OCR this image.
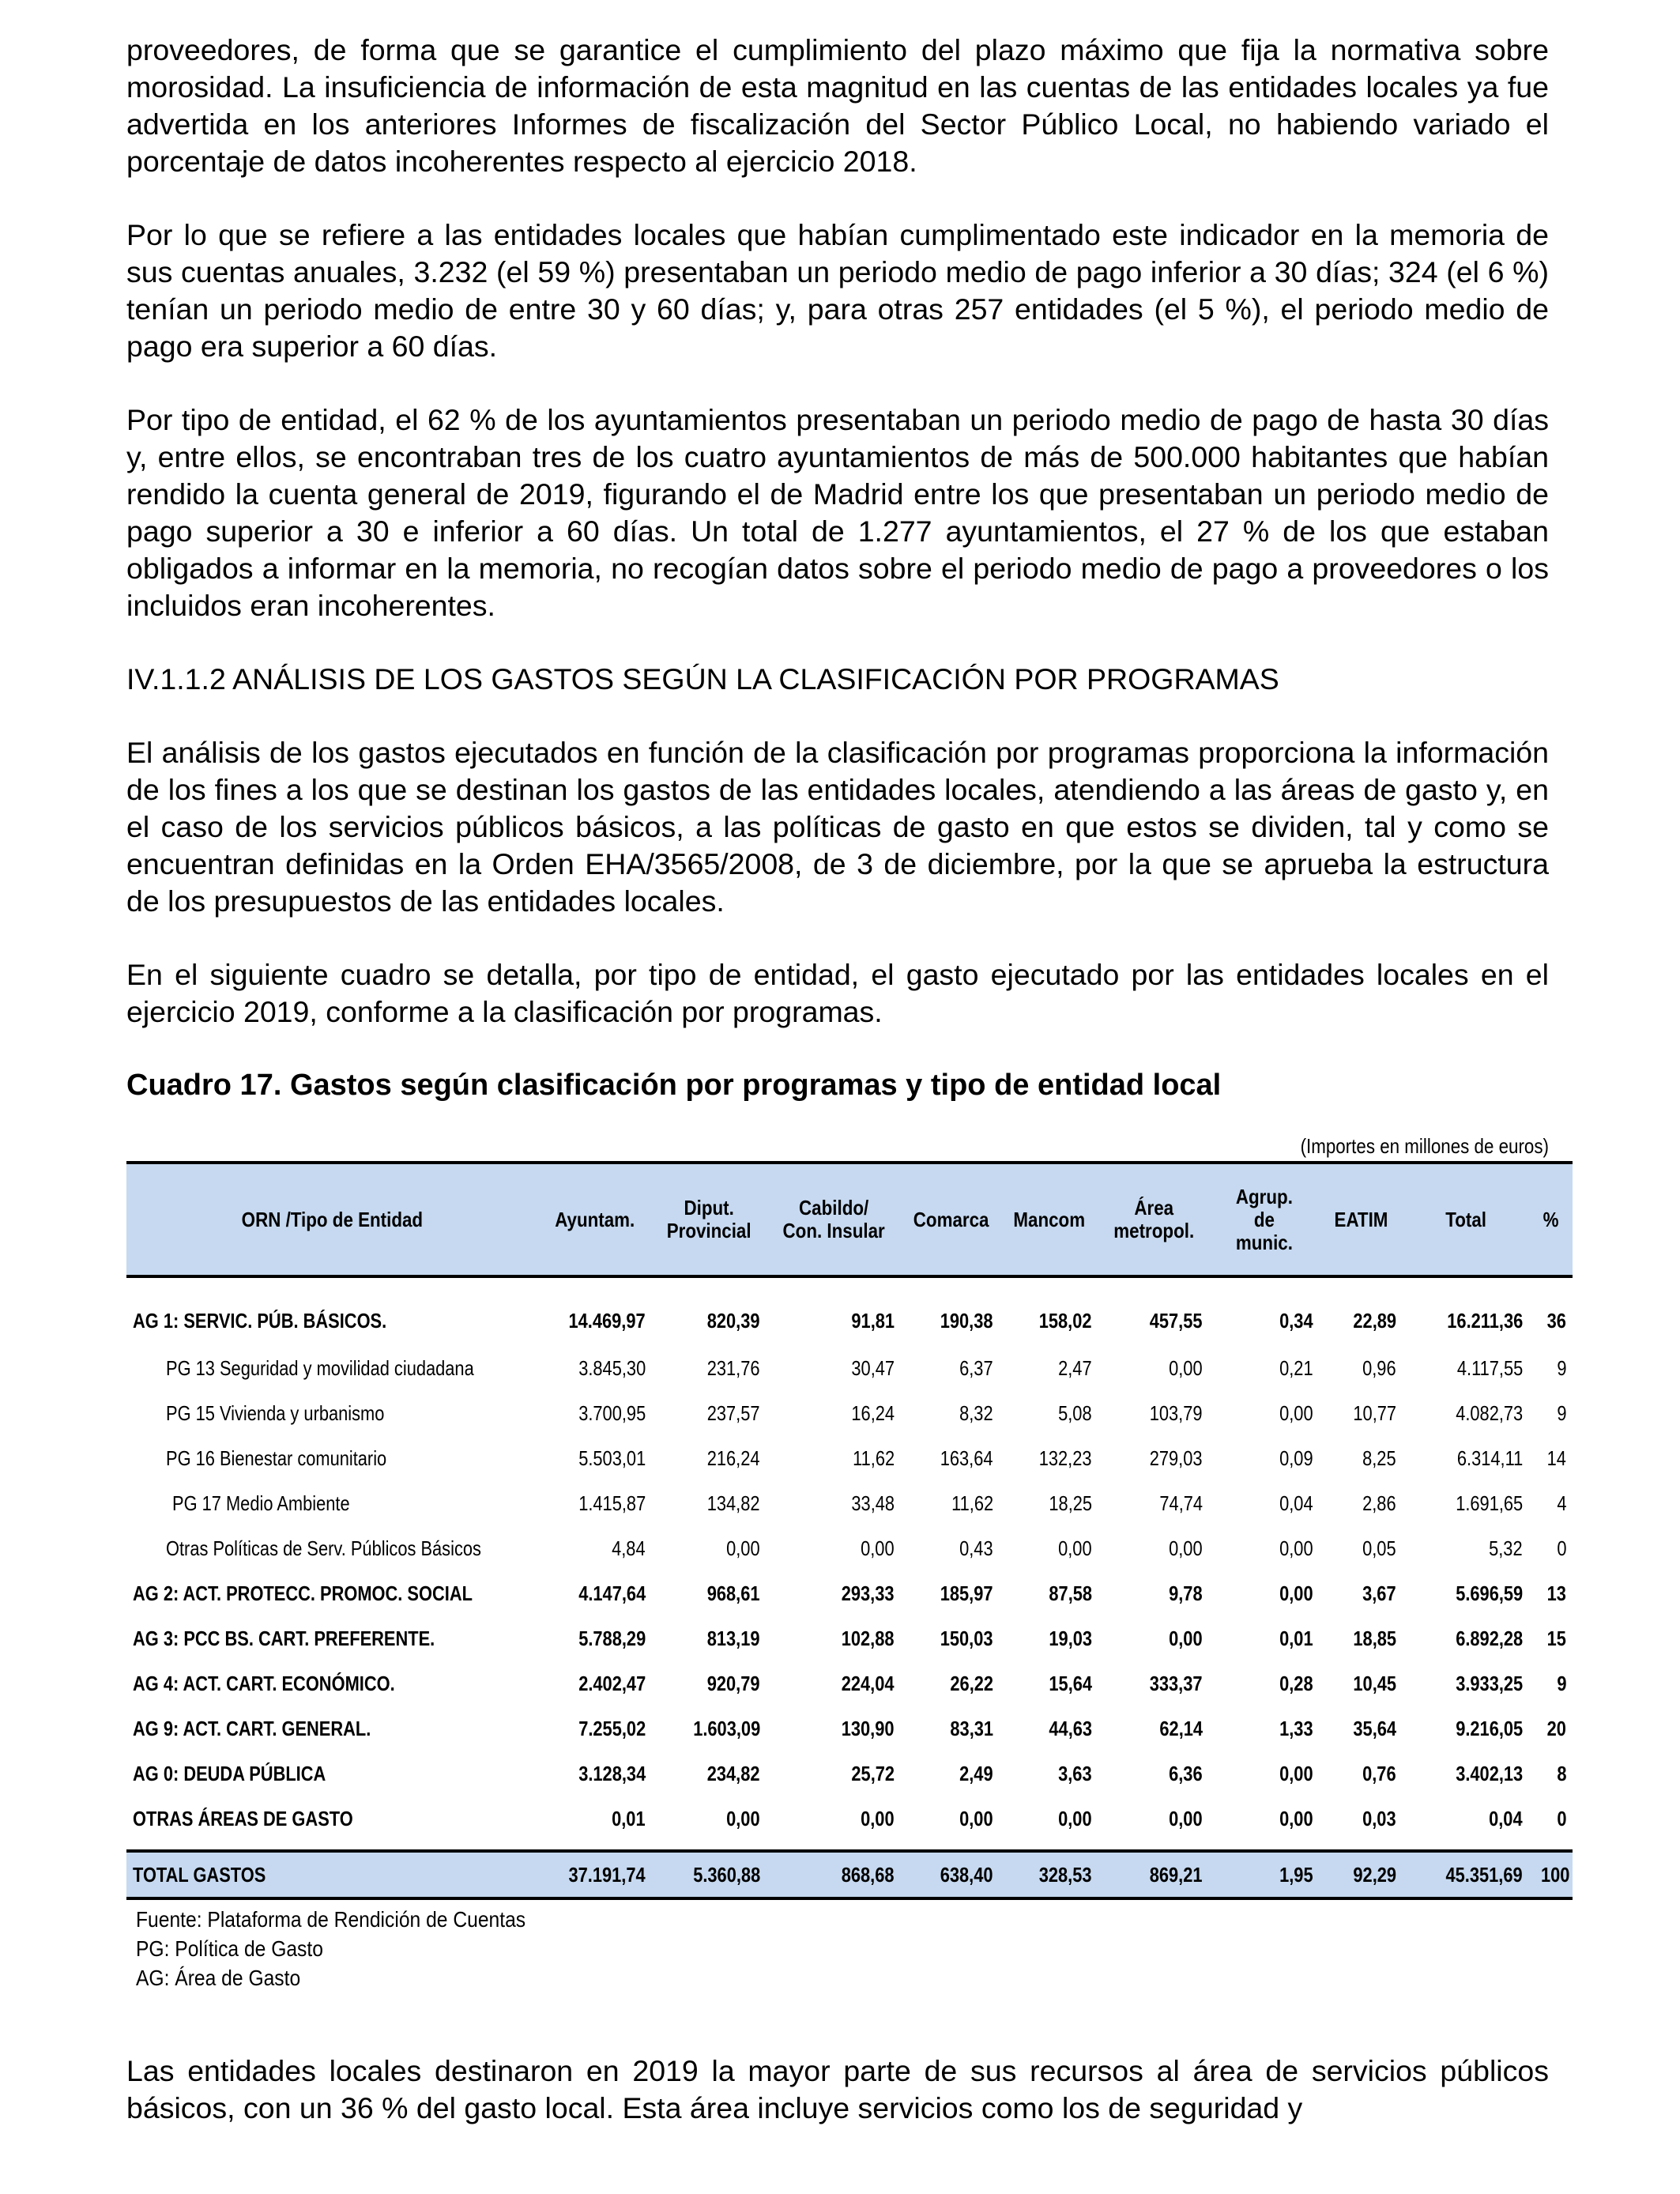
proveedores, de forma que se garantice el cumplimiento del plazo máximo que fija la normativa sobre morosidad. La insuficiencia de información de esta magnitud en las cuentas de las entidades locales ya fue advertida en los anteriores Informes de fiscalización del Sector Público Local, no habiendo variado el porcentaje de datos incoherentes respecto al ejercicio 2018.

Por lo que se refiere a las entidades locales que habían cumplimentado este indicador en la memoria de sus cuentas anuales, 3.232 (el 59 %) presentaban un periodo medio de pago inferior a 30 días; 324 (el 6 %) tenían un periodo medio de entre 30 y 60 días; y, para otras 257 entidades (el 5 %), el periodo medio de pago era superior a 60 días.

Por tipo de entidad, el 62 % de los ayuntamientos presentaban un periodo medio de pago de hasta 30 días y, entre ellos, se encontraban tres de los cuatro ayuntamientos de más de 500.000 habitantes que habían rendido la cuenta general de 2019, figurando el de Madrid entre los que presentaban un periodo medio de pago superior a 30 e inferior a 60 días. Un total de 1.277 ayuntamientos, el 27 % de los que estaban obligados a informar en la memoria, no recogían datos sobre el periodo medio de pago a proveedores o los incluidos eran incoherentes.

IV.1.1.2 ANÁLISIS DE LOS GASTOS SEGÚN LA CLASIFICACIÓN POR PROGRAMAS

El análisis de los gastos ejecutados en función de la clasificación por programas proporciona la información de los fines a los que se destinan los gastos de las entidades locales, atendiendo a las áreas de gasto y, en el caso de los servicios públicos básicos, a las políticas de gasto en que estos se dividen, tal y como se encuentran definidas en la Orden EHA/3565/2008, de 3 de diciembre, por la que se aprueba la estructura de los presupuestos de las entidades locales.

En el siguiente cuadro se detalla, por tipo de entidad, el gasto ejecutado por las entidades locales en el ejercicio 2019, conforme a la clasificación por programas.

Cuadro 17. Gastos según clasificación por programas y tipo de entidad local
(Importes en millones de euros)
ORN /Tipo de Entidad	Ayuntam.	Diput.
Provincial	Cabildo/
Con. Insular	Comarca	Mancom	Área
metropol.	Agrup.
de
munic.	EATIM	Total	%
AG 1: SERVIC. PÚB. BÁSICOS.	14.469,97	820,39	91,81	190,38	158,02	457,55	0,34	22,89	16.211,36	36
PG 13 Seguridad y movilidad ciudadana	3.845,30	231,76	30,47	6,37	2,47	0,00	0,21	0,96	4.117,55	9
PG 15 Vivienda y urbanismo	3.700,95	237,57	16,24	8,32	5,08	103,79	0,00	10,77	4.082,73	9
PG 16 Bienestar comunitario	5.503,01	216,24	11,62	163,64	132,23	279,03	0,09	8,25	6.314,11	14
PG 17 Medio Ambiente	1.415,87	134,82	33,48	11,62	18,25	74,74	0,04	2,86	1.691,65	4
Otras Políticas de Serv. Públicos Básicos	4,84	0,00	0,00	0,43	0,00	0,00	0,00	0,05	5,32	0
AG 2: ACT. PROTECC. PROMOC. SOCIAL	4.147,64	968,61	293,33	185,97	87,58	9,78	0,00	3,67	5.696,59	13
AG 3: PCC BS. CART. PREFERENTE.	5.788,29	813,19	102,88	150,03	19,03	0,00	0,01	18,85	6.892,28	15
AG 4: ACT. CART. ECONÓMICO.	2.402,47	920,79	224,04	26,22	15,64	333,37	0,28	10,45	3.933,25	9
AG 9: ACT. CART. GENERAL.	7.255,02	1.603,09	130,90	83,31	44,63	62,14	1,33	35,64	9.216,05	20
AG 0: DEUDA PÚBLICA	3.128,34	234,82	25,72	2,49	3,63	6,36	0,00	0,76	3.402,13	8
OTRAS ÁREAS DE GASTO	0,01	0,00	0,00	0,00	0,00	0,00	0,00	0,03	0,04	0

TOTAL GASTOS	37.191,74	5.360,88	868,68	638,40	328,53	869,21	1,95	92,29	45.351,69	100
Fuente: Plataforma de Rendición de Cuentas
PG: Política de Gasto
AG: Área de Gasto

Las entidades locales destinaron en 2019 la mayor parte de sus recursos al área de servicios públicos básicos, con un 36 % del gasto local. Esta área incluye servicios como los de seguridad y
